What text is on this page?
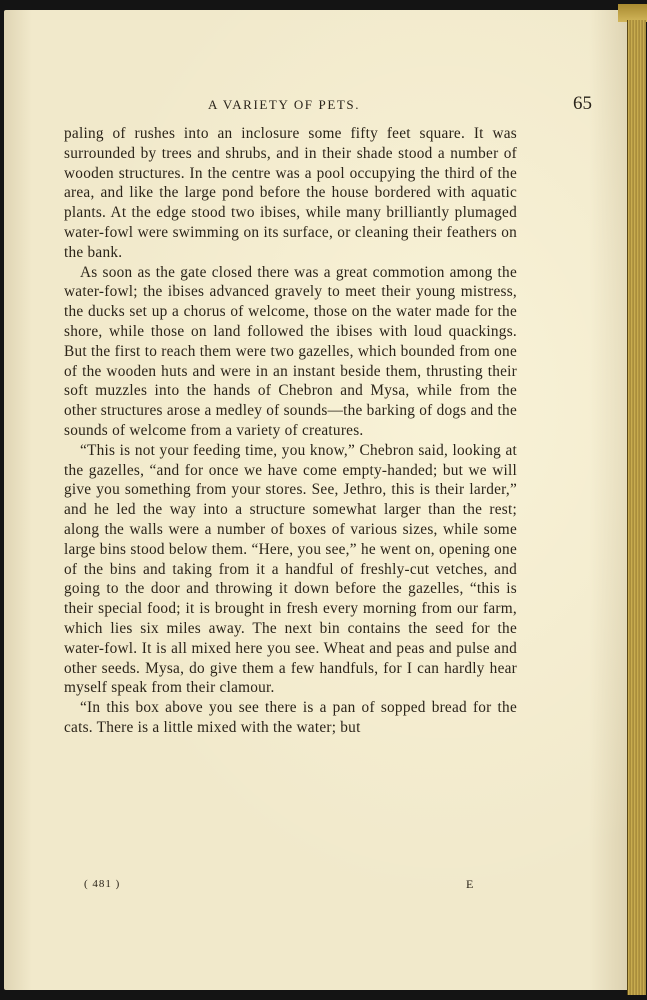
A VARIETY OF PETS.	65

paling of rushes into an inclosure some fifty feet square. It was surrounded by trees and shrubs, and in their shade stood a number of wooden structures. In the centre was a pool occupying the third of the area, and like the large pond before the house bordered with aquatic plants. At the edge stood two ibises, while many brilliantly plumaged water-fowl were swimming on its surface, or cleaning their feathers on the bank.

As soon as the gate closed there was a great commotion among the water-fowl; the ibises advanced gravely to meet their young mistress, the ducks set up a chorus of welcome, those on the water made for the shore, while those on land followed the ibises with loud quackings. But the first to reach them were two gazelles, which bounded from one of the wooden huts and were in an instant beside them, thrusting their soft muzzles into the hands of Chebron and Mysa, while from the other structures arose a medley of sounds—the barking of dogs and the sounds of welcome from a variety of creatures.

“This is not your feeding time, you know,” Chebron said, looking at the gazelles, “and for once we have come empty-handed; but we will give you something from your stores. See, Jethro, this is their larder,” and he led the way into a structure somewhat larger than the rest; along the walls were a number of boxes of various sizes, while some large bins stood below them. “Here, you see,” he went on, opening one of the bins and taking from it a handful of freshly-cut vetches, and going to the door and throwing it down before the gazelles, “this is their special food; it is brought in fresh every morning from our farm, which lies six miles away. The next bin contains the seed for the water-fowl. It is all mixed here you see. Wheat and peas and pulse and other seeds. Mysa, do give them a few handfuls, for I can hardly hear myself speak from their clamour.

“In this box above you see there is a pan of sopped bread for the cats. There is a little mixed with the water; but

( 481 )	E
